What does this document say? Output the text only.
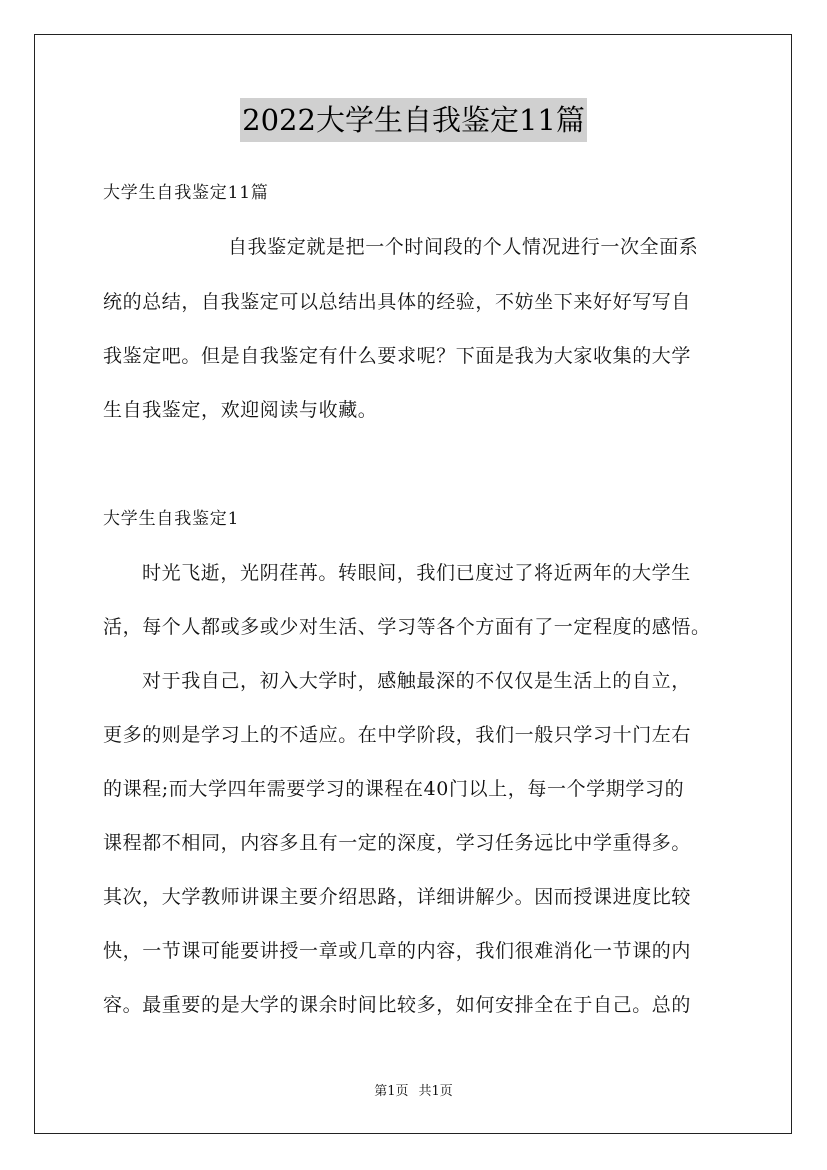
2022大学生自我鉴定11篇
大学生自我鉴定11篇
自我鉴定就是把一个时间段的个人情况进行一次全面系
统的总结，自我鉴定可以总结出具体的经验，不妨坐下来好好写写自
我鉴定吧。但是自我鉴定有什么要求呢？下面是我为大家收集的大学
生自我鉴定，欢迎阅读与收藏。
大学生自我鉴定1
时光飞逝，光阴荏苒。转眼间，我们已度过了将近两年的大学生
活，每个人都或多或少对生活、学习等各个方面有了一定程度的感悟。
对于我自己，初入大学时，感触最深的不仅仅是生活上的自立，
更多的则是学习上的不适应。在中学阶段，我们一般只学习十门左右
的课程;而大学四年需要学习的课程在40门以上，每一个学期学习的
课程都不相同，内容多且有一定的深度，学习任务远比中学重得多。
其次，大学教师讲课主要介绍思路，详细讲解少。因而授课进度比较
快，一节课可能要讲授一章或几章的内容，我们很难消化一节课的内
容。最重要的是大学的课余时间比较多，如何安排全在于自己。总的
第1页 共1页
